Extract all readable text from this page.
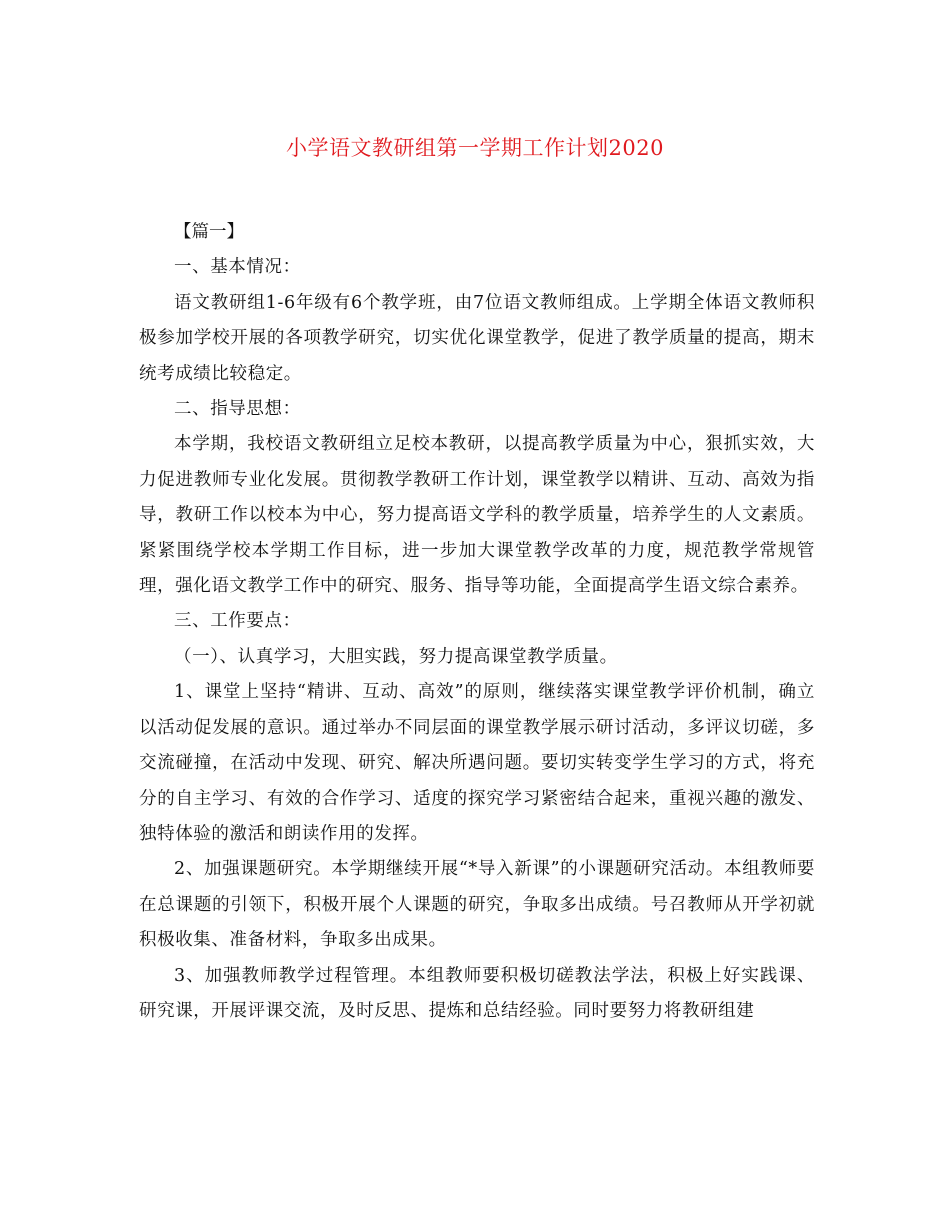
小学语文教研组第一学期工作计划2020

【篇一】

一、基本情况：

语文教研组1-6年级有6个教学班，由7位语文教师组成。上学期全体语文教师积极参加学校开展的各项教学研究，切实优化课堂教学，促进了教学质量的提高，期末统考成绩比较稳定。

二、指导思想：

本学期，我校语文教研组立足校本教研，以提高教学质量为中心，狠抓实效，大力促进教师专业化发展。贯彻教学教研工作计划，课堂教学以精讲、互动、高效为指导，教研工作以校本为中心，努力提高语文学科的教学质量，培养学生的人文素质。紧紧围绕学校本学期工作目标，进一步加大课堂教学改革的力度，规范教学常规管理，强化语文教学工作中的研究、服务、指导等功能，全面提高学生语文综合素养。

三、工作要点：

（一）、认真学习，大胆实践，努力提高课堂教学质量。

1、课堂上坚持“精讲、互动、高效”的原则，继续落实课堂教学评价机制，确立以活动促发展的意识。通过举办不同层面的课堂教学展示研讨活动，多评议切磋，多交流碰撞，在活动中发现、研究、解决所遇问题。要切实转变学生学习的方式，将充分的自主学习、有效的合作学习、适度的探究学习紧密结合起来，重视兴趣的激发、独特体验的激活和朗读作用的发挥。

2、加强课题研究。本学期继续开展“*导入新课”的小课题研究活动。本组教师要在总课题的引领下，积极开展个人课题的研究，争取多出成绩。号召教师从开学初就积极收集、准备材料，争取多出成果。

3、加强教师教学过程管理。本组教师要积极切磋教法学法，积极上好实践课、研究课，开展评课交流，及时反思、提炼和总结经验。同时要努力将教研组建
